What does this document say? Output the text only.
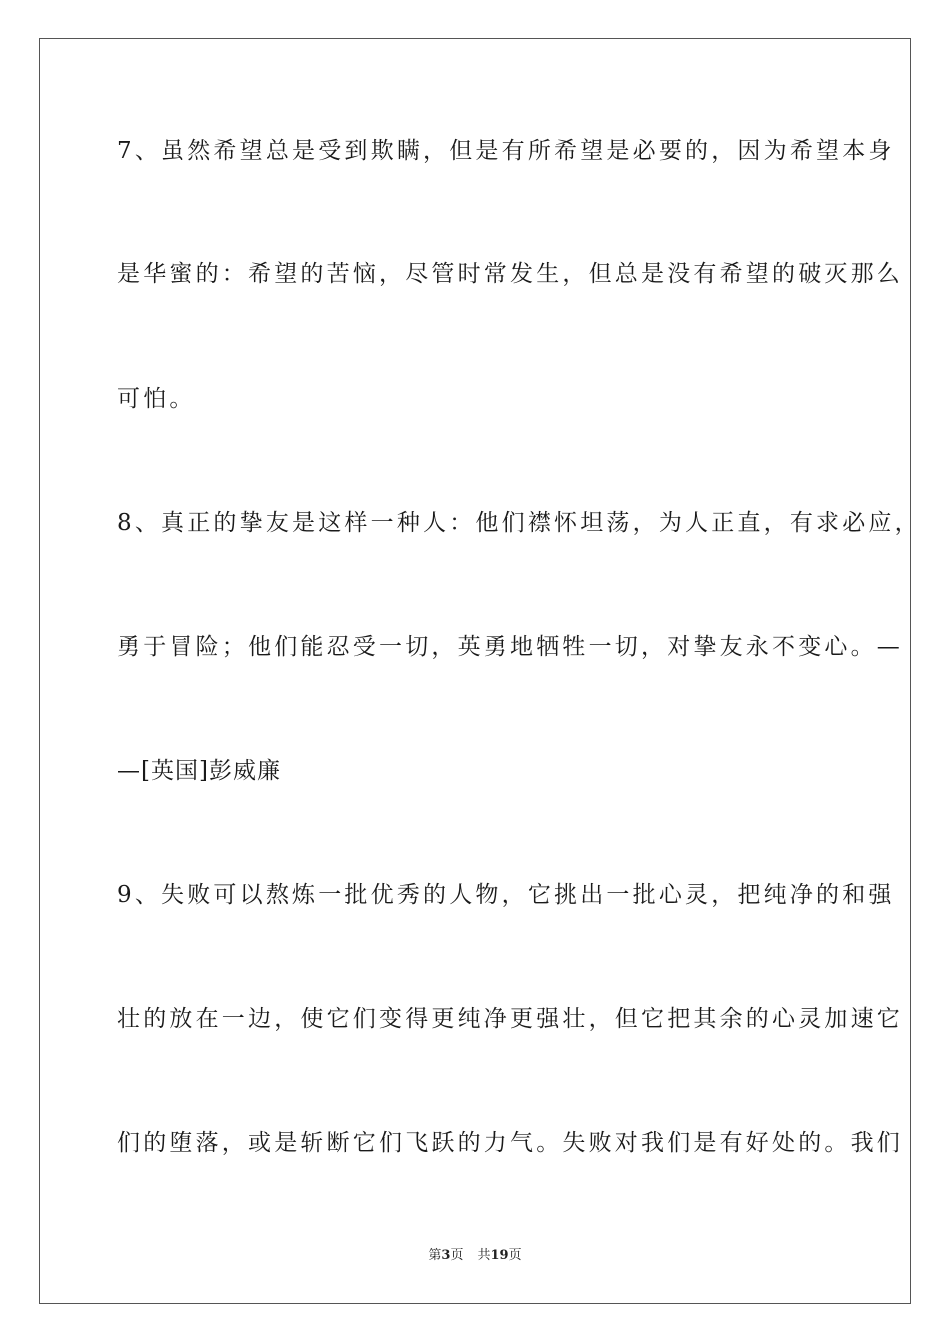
7、虽然希望总是受到欺瞒，但是有所希望是必要的，因为希望本身

是华蜜的：希望的苦恼，尽管时常发生，但总是没有希望的破灭那么

可怕。

8、真正的挚友是这样一种人：他们襟怀坦荡，为人正直，有求必应，

勇于冒险；他们能忍受一切，英勇地牺牲一切，对挚友永不变心。—

—[英国]彭威廉

9、失败可以熬炼一批优秀的人物，它挑出一批心灵，把纯净的和强

壮的放在一边，使它们变得更纯净更强壮，但它把其余的心灵加速它

们的堕落，或是斩断它们飞跃的力气。失败对我们是有好处的。我们

第3页 共19页
